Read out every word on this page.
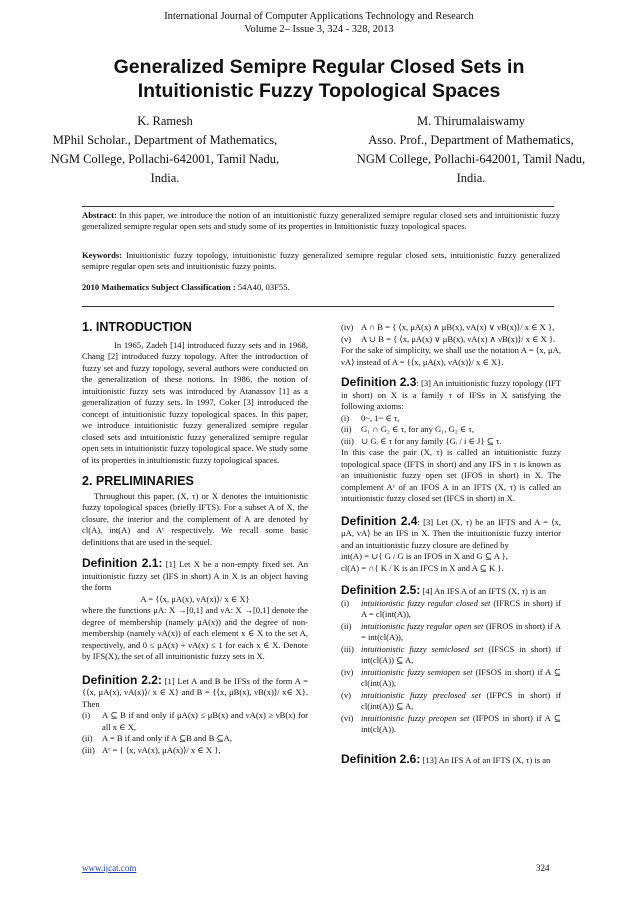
International Journal of Computer Applications Technology and Research
Volume 2– Issue 3, 324 - 328, 2013
Generalized Semipre Regular Closed Sets in
Intuitionistic Fuzzy Topological Spaces
K. Ramesh
MPhil Scholar., Department of Mathematics,
NGM College, Pollachi-642001, Tamil Nadu,
India.
M. Thirumalaiswamy
Asso. Prof., Department of Mathematics,
NGM College, Pollachi-642001, Tamil Nadu,
India.
Abstract: In this paper, we introduce the notion of an intuitionistic fuzzy generalized semipre regular closed sets and intuitionistic fuzzy generalized semipre regular open sets and study some of its properties in Intuitionistic fuzzy topological spaces.
Keywords: Intuitionistic fuzzy topology, intuitionistic fuzzy generalized semipre regular closed sets, intuitionistic fuzzy generalized semipre regular open sets and intuitionistic fuzzy points.
2010 Mathematics Subject Classification : 54A40, 03F55.
1. INTRODUCTION

In 1965, Zadeh [14] introduced fuzzy sets and in 1968, Chang [2] introduced fuzzy topology. After the introduction of fuzzy set and fuzzy topology, several authors were conducted on the generalization of these notions. In 1986, the notion of intuitionistic fuzzy sets was introduced by Atanassov [1] as a generalization of fuzzy sets. In 1997, Coker [3] introduced the concept of intuitionistic fuzzy topological spaces. In this paper, we introduce intuitionistic fuzzy generalized semipre regular closed sets and intuitionistic fuzzy generalized semipre regular open sets in intuitionistic fuzzy topological space. We study some of its properties in intuitionistic fuzzy topological spaces.

2. PRELIMINARIES

Throughout this paper, (X, τ) or X denotes the intuitionistic fuzzy topological spaces (briefly IFTS). For a subset A of X, the closure, the interior and the complement of A are denoted by cl(A), int(A) and Aᶜ respectively. We recall some basic definitions that are used in the sequel.

Definition 2.1: [1] Let X be a non-empty fixed set. An intuitionistic fuzzy set (IFS in short) A in X is an object having the form

A = {⟨x, μA(x), νA(x)⟩/ x ∈ X}

where the functions μA: X →[0,1] and νA: X →[0,1] denote the degree of membership (namely μA(x)) and the degree of non-membership (namely νA(x)) of each element x ∈ X to the set A, respectively, and 0 ≤ μA(x) + νA(x) ≤ 1 for each x ∈ X. Denote by IFS(X), the set of all intuitionistic fuzzy sets in X.

Definition 2.2: [1] Let A and B be IFSs of the form A = {⟨x, μA(x), νA(x)⟩/ x ∈ X} and B = {⟨x, μB(x), νB(x)⟩/ x∈ X}. Then

(i)	A ⊆ B if and only if μA(x) ≤ μB(x) and νA(x) ≥ νB(x) for all x ∈ X,
(ii)	A = B if and only if A ⊆B and B ⊆A,
(iii) Aᶜ = { ⟨x, νA(x), μA(x)⟩/ x ∈ X },
(iv) A ∩ B = { ⟨x, μA(x) ∧ μB(x), νA(x) ∨ νB(x)⟩/ x ∈ X },
(v)	A ∪ B = { ⟨x, μA(x) ∨ μB(x), νA(x) ∧ νB(x)⟩/ x ∈ X }.

For the sake of simplicity, we shall use the notation A = ⟨x, μA, νA⟩ instead of A = {⟨x, μA(x), νA(x)⟩/ x ∈ X}.

Definition 2.3: [3] An intuitionistic fuzzy topology (IFT in short) on X is a family τ of IFSs in X satisfying the following axioms:

(i)	0~, 1~ ∈ τ,
(ii)	G₁ ∩ G₂ ∈ τ, for any G₁, G₂ ∈ τ,
(iii) ∪ Gᵢ ∈ τ for any family {Gᵢ / i ∈ J} ⊆ τ.

In this case the pair (X, τ) is called an intuitionistic fuzzy topological space (IFTS in short) and any IFS in τ is known as an intuitionistic fuzzy open set (IFOS in short) in X. The complement Aᶜ of an IFOS A in an IFTS (X, τ) is called an intuitionistic fuzzy closed set (IFCS in short) in X.

Definition 2.4: [3] Let (X, τ) be an IFTS and A = ⟨x, μA, νA⟩ be an IFS in X. Then the intuitionistic fuzzy interior and an intuitionistic fuzzy closure are defined by

int(A) = ∪{ G / G is an IFOS in X and G ⊆ A },

cl(A) = ∩{ K / K is an IFCS in X and A ⊆ K }.

Definition 2.5: [4] An IFS A of an IFTS (X, τ) is an

(i)	intuitionistic fuzzy regular closed set (IFRCS in short) if A = cl(int(A)),
(ii)	intuitionistic fuzzy regular open set (IFROS in short) if A = int(cl(A)),
(iii) intuitionistic fuzzy semiclosed set (IFSCS in short) if int(cl(A)) ⊆ A,
(iv) intuitionistic fuzzy semiopen set (IFSOS in short) if A ⊆ cl(int(A)),
(v)	intuitionistic fuzzy preclosed set (IFPCS in short) if cl(int(A)) ⊆ A,
(vi) intuitionistic fuzzy preopen set (IFPOS in short) if A ⊆ int(cl(A)).

Definition 2.6: [13] An IFS A of an IFTS (X, τ) is an

www.ijcat.com	324
